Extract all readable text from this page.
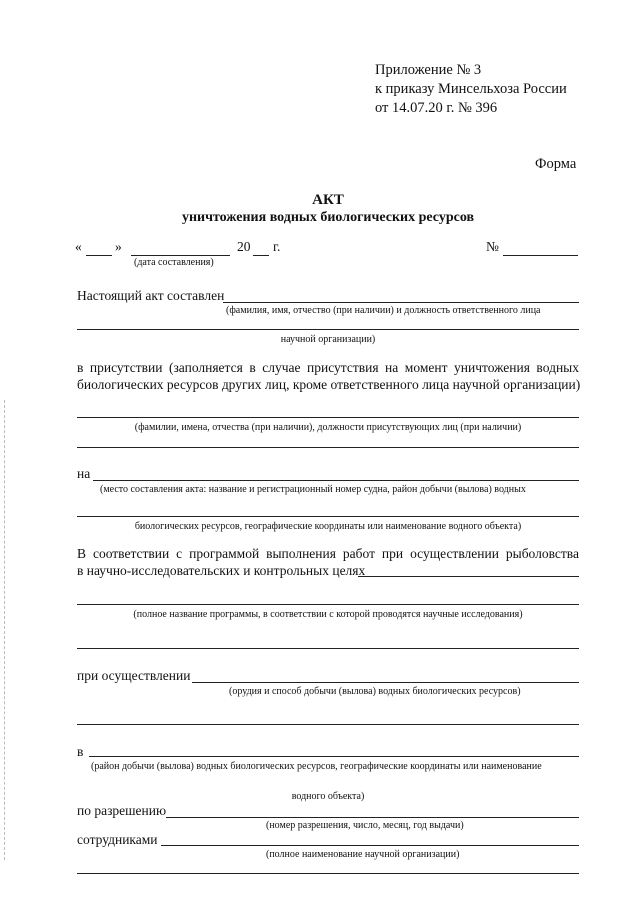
Приложение № 3
к приказу Минсельхоза России
от 14.07.20 г. № 396
Форма
АКТ
уничтожения водных биологических ресурсов
« »	20 г.
(дата составления)
№
Настоящий акт составлен
(фамилия, имя, отчество (при наличии) и должность ответственного лица
научной организации)
в присутствии (заполняется в случае присутствия на момент уничтожения водных
биологических ресурсов других лиц, кроме ответственного лица научной организации)
(фамилии, имена, отчества (при наличии), должности присутствующих лиц (при наличии)
на
(место составления акта: название и регистрационный номер судна, район добычи (вылова) водных
биологических ресурсов, географические координаты или наименование водного объекта)
В соответствии с программой выполнения работ при осуществлении рыболовства
в научно-исследовательских и контрольных целях
(полное название программы, в соответствии с которой проводятся научные исследования)
при осуществлении
(орудия и способ добычи (вылова) водных биологических ресурсов)
в
(район добычи (вылова) водных биологических ресурсов, географические координаты или наименование
водного объекта)
по разрешению
(номер разрешения, число, месяц, год выдачи)
сотрудниками
(полное наименование научной организации)
